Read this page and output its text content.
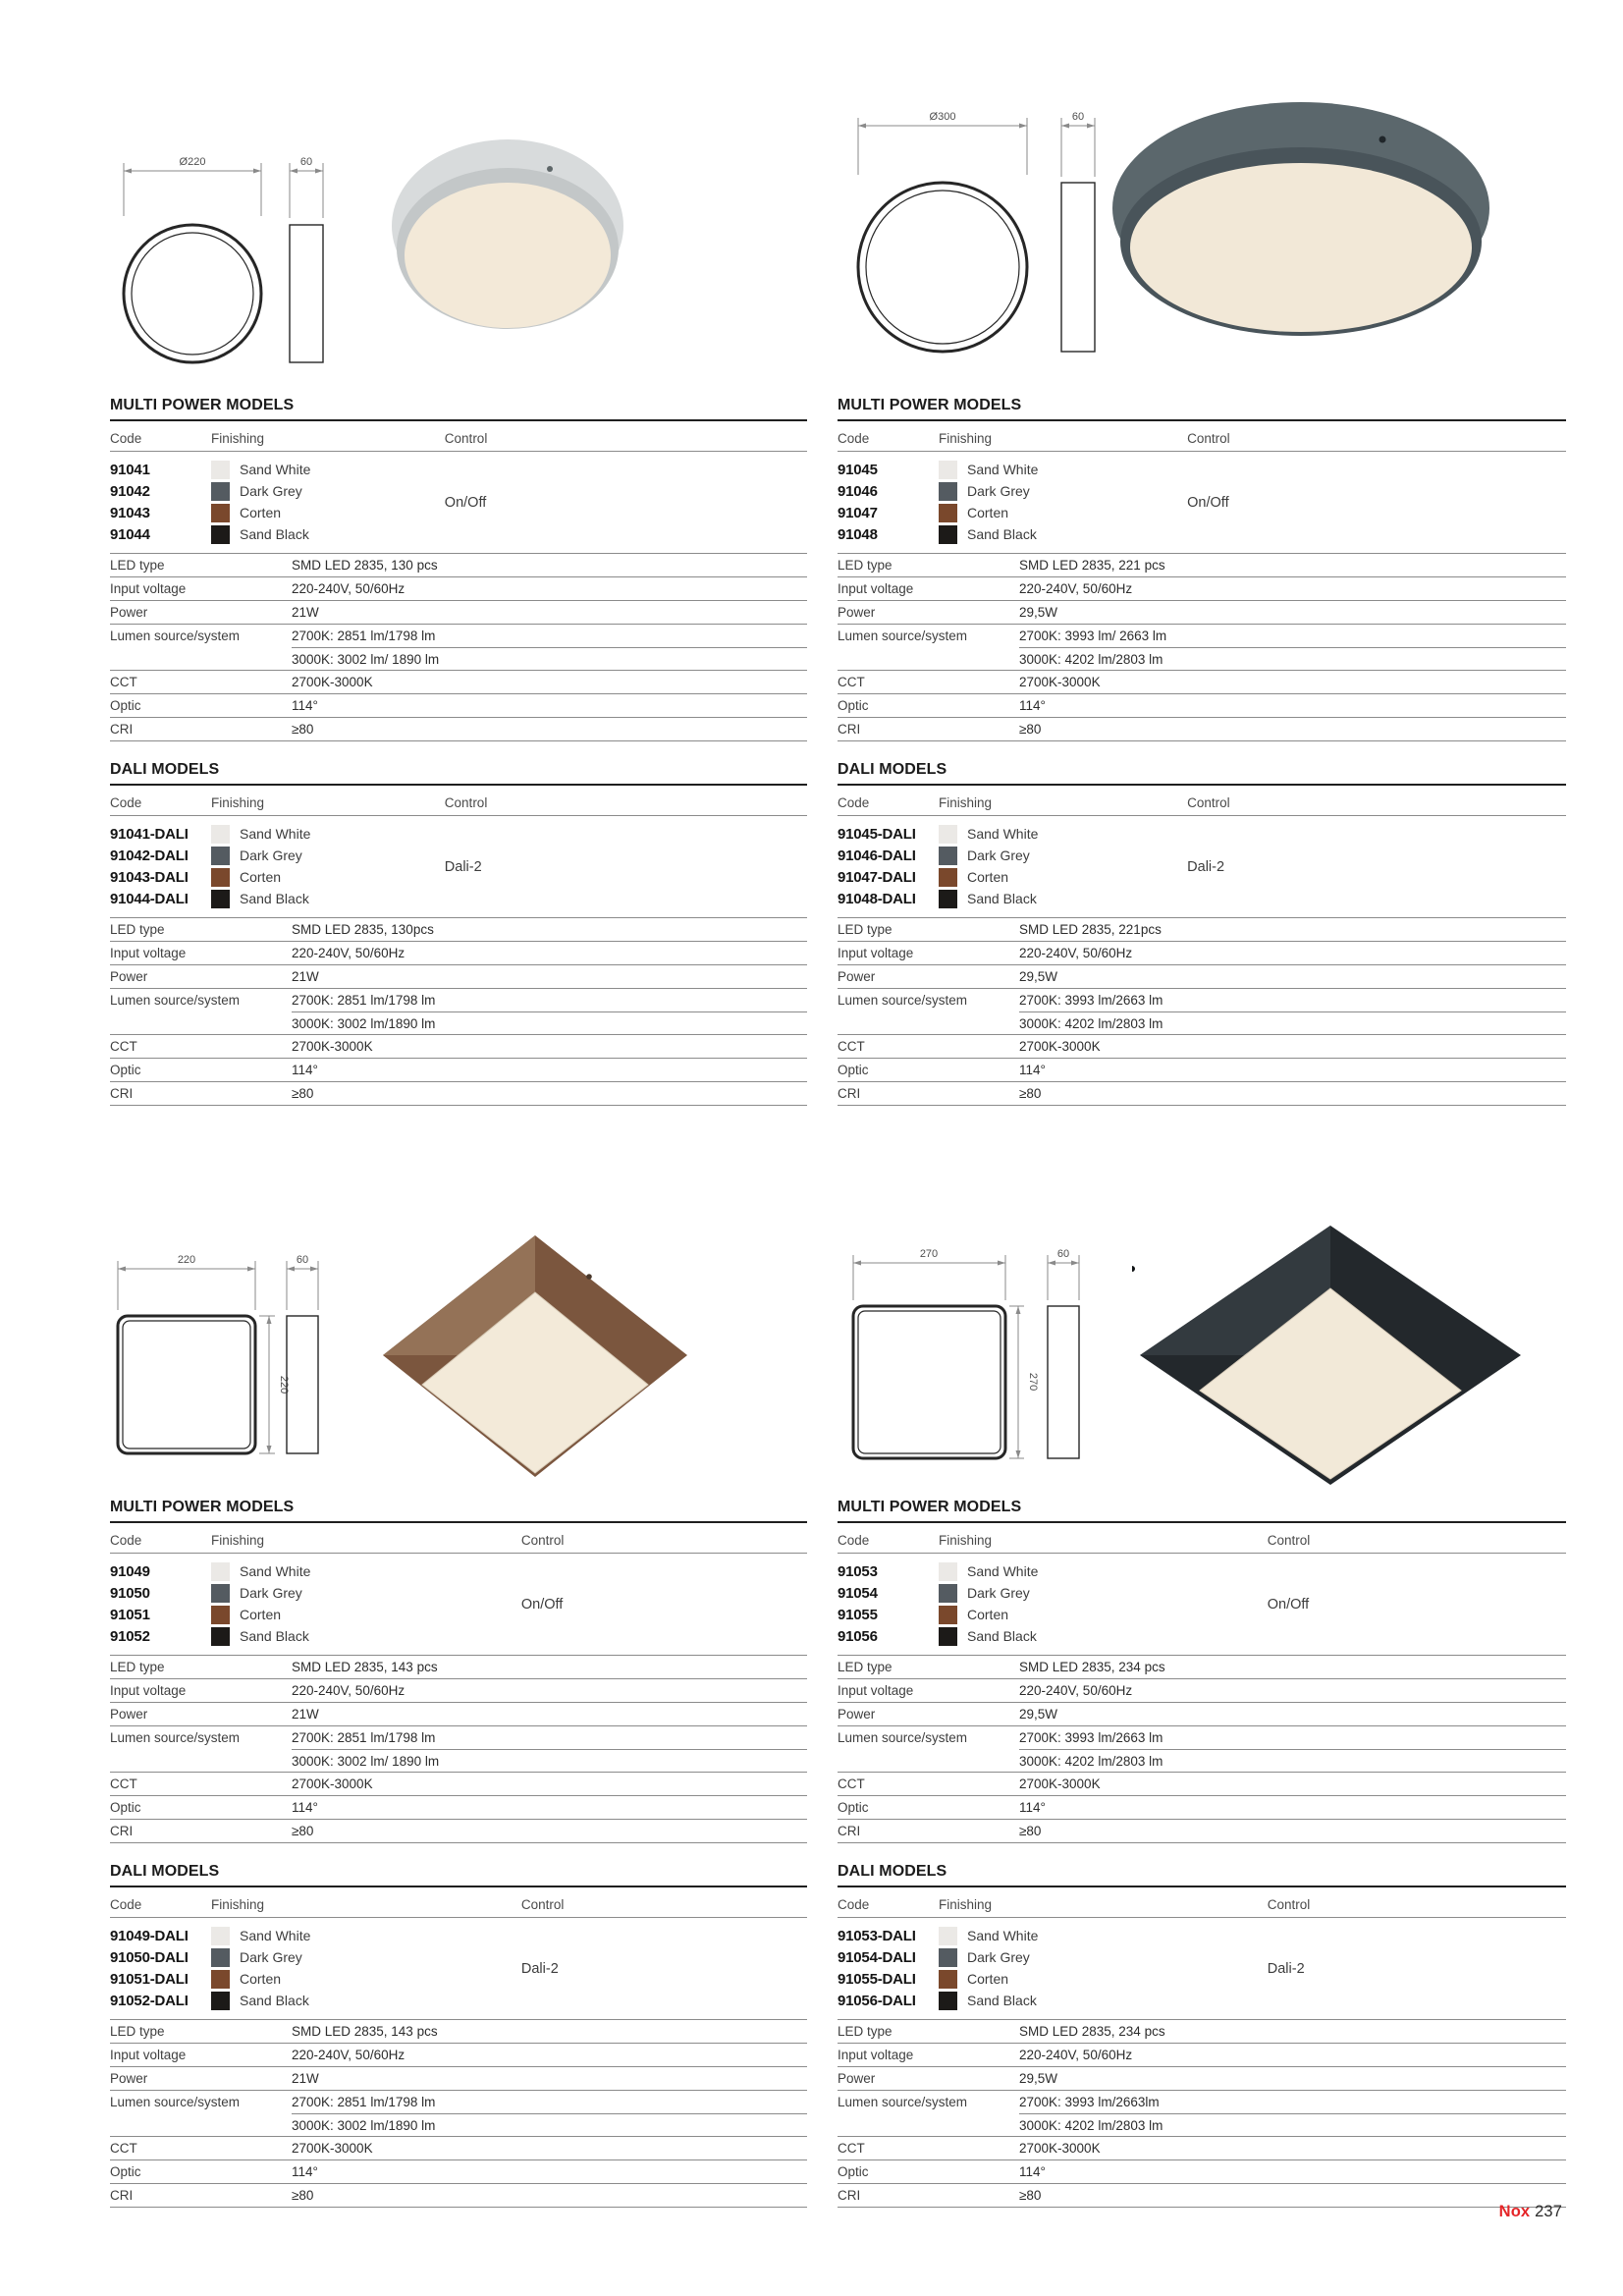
Ø220	60
MULTI POWER MODELS
Code	Finishing	Control
91041	Sand White
91042	Dark Grey
91043	Corten
91044	Sand Black
On/Off
LED type	SMD LED 2835, 130 pcs
Input voltage	220-240V, 50/60Hz
Power	21W
Lumen source/system	2700K: 2851 lm/1798 lm
3000K: 3002 lm/ 1890 lm
CCT	2700K-3000K
Optic	114°
CRI	≥80
DALI MODELS
Code	Finishing	Control
91041-DALI	Sand White
91042-DALI	Dark Grey
91043-DALI	Corten
91044-DALI	Sand Black
Dali-2
LED type	SMD LED 2835, 130pcs
Input voltage	220-240V, 50/60Hz
Power	21W
Lumen source/system	2700K: 2851 lm/1798 lm
3000K: 3002 lm/1890 lm
CCT	2700K-3000K
Optic	114°
CRI	≥80
Ø300	60
MULTI POWER MODELS
Code	Finishing	Control
91045	Sand White
91046	Dark Grey
91047	Corten
91048	Sand Black
On/Off
LED type	SMD LED 2835, 221 pcs
Input voltage	220-240V, 50/60Hz
Power	29,5W
Lumen source/system	2700K: 3993 lm/ 2663 lm
3000K: 4202 lm/2803 lm
CCT	2700K-3000K
Optic	114°
CRI	≥80
DALI MODELS
Code	Finishing	Control
91045-DALI	Sand White
91046-DALI	Dark Grey
91047-DALI	Corten
91048-DALI	Sand Black
Dali-2
LED type	SMD LED 2835, 221pcs
Input voltage	220-240V, 50/60Hz
Power	29,5W
Lumen source/system	2700K: 3993 lm/2663 lm
3000K: 4202 lm/2803 lm
CCT	2700K-3000K
Optic	114°
CRI	≥80
220
220
60
MULTI POWER MODELS
Code	Finishing	Control
91049	Sand White
91050	Dark Grey
91051	Corten
91052	Sand Black
On/Off
LED type	SMD LED 2835, 143 pcs
Input voltage	220-240V, 50/60Hz
Power	21W
Lumen source/system	2700K: 2851 lm/1798 lm
3000K: 3002 lm/ 1890 lm
CCT	2700K-3000K
Optic	114°
CRI	≥80
DALI MODELS
Code	Finishing	Control
91049-DALI	Sand White
91050-DALI	Dark Grey
91051-DALI	Corten
91052-DALI	Sand Black
Dali-2
LED type	SMD LED 2835, 143 pcs
Input voltage	220-240V, 50/60Hz
Power	21W
Lumen source/system	2700K: 2851 lm/1798 lm
3000K: 3002 lm/1890 lm
CCT	2700K-3000K
Optic	114°
CRI	≥80
270
270
60
MULTI POWER MODELS
Code	Finishing	Control
91053	Sand White
91054	Dark Grey
91055	Corten
91056	Sand Black
On/Off
LED type	SMD LED 2835, 234 pcs
Input voltage	220-240V, 50/60Hz
Power	29,5W
Lumen source/system	2700K: 3993 lm/2663 lm
3000K: 4202 lm/2803 lm
CCT	2700K-3000K
Optic	114°
CRI	≥80
DALI MODELS
Code	Finishing	Control
91053-DALI	Sand White
91054-DALI	Dark Grey
91055-DALI	Corten
91056-DALI	Sand Black
Dali-2
LED type	SMD LED 2835, 234 pcs
Input voltage	220-240V, 50/60Hz
Power	29,5W
Lumen source/system	2700K: 3993 lm/2663lm
3000K: 4202 lm/2803 lm
CCT	2700K-3000K
Optic	114°
CRI	≥80
Nox 237
